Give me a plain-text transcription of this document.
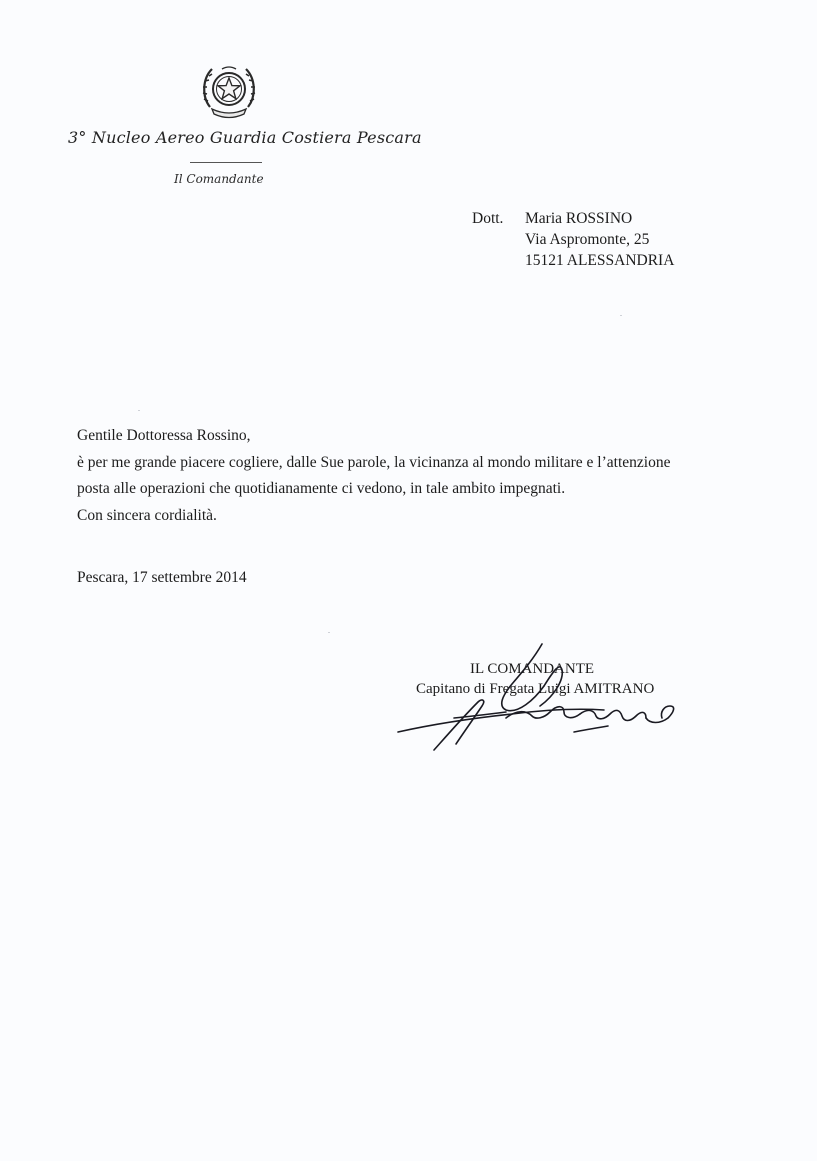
3° Nucleo Aereo Guardia Costiera Pescara
Il Comandante
Dott. Maria ROSSINO
Via Aspromonte, 25
15121 ALESSANDRIA
Gentile Dottoressa Rossino,
è per me grande piacere cogliere, dalle Sue parole, la vicinanza al mondo militare e l’attenzione
posta alle operazioni che quotidianamente ci vedono, in tale ambito impegnati.
Con sincera cordialità.
Pescara, 17 settembre 2014
IL COMANDANTE
Capitano di Fregata Luigi AMITRANO
